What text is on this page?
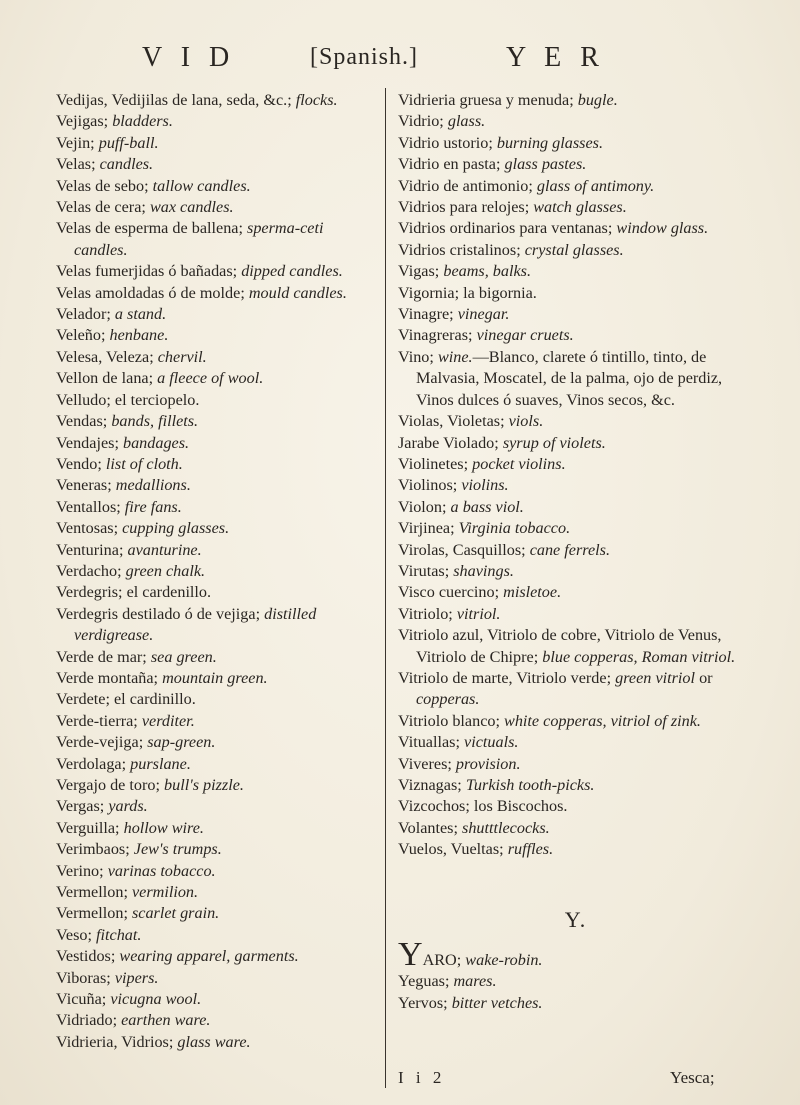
V I D	[Spanish.]	Y E R

Vedijas, Vedijilas de lana, seda, &c.; flocks.

Vejigas; bladders.

Vejin; puff-ball.

Velas; candles.

Velas de sebo; tallow candles.

Velas de cera; wax candles.

Velas de esperma de ballena; sperma-ceti candles.

Velas fumerjidas ó bañadas; dipped candles.

Velas amoldadas ó de molde; mould candles.

Velador; a stand.

Veleño; henbane.

Velesa, Veleza; chervil.

Vellon de lana; a fleece of wool.

Velludo; el terciopelo.

Vendas; bands, fillets.

Vendajes; bandages.

Vendo; list of cloth.

Veneras; medallions.

Ventallos; fire fans.

Ventosas; cupping glasses.

Venturina; avanturine.

Verdacho; green chalk.

Verdegris; el cardenillo.

Verdegris destilado ó de vejiga; distilled verdigrease.

Verde de mar; sea green.

Verde montaña; mountain green.

Verdete; el cardinillo.

Verde-tierra; verditer.

Verde-vejiga; sap-green.

Verdolaga; purslane.

Vergajo de toro; bull's pizzle.

Vergas; yards.

Verguilla; hollow wire.

Verimbaos; Jew's trumps.

Verino; varinas tobacco.

Vermellon; vermilion.

Vermellon; scarlet grain.

Veso; fitchat.

Vestidos; wearing apparel, garments.

Viboras; vipers.

Vicuña; vicugna wool.

Vidriado; earthen ware.

Vidrieria, Vidrios; glass ware.

Vidrieria gruesa y menuda; bugle.

Vidrio; glass.

Vidrio ustorio; burning glasses.

Vidrio en pasta; glass pastes.

Vidrio de antimonio; glass of antimony.

Vidrios para relojes; watch glasses.

Vidrios ordinarios para ventanas; window glass.

Vidrios cristalinos; crystal glasses.

Vigas; beams, balks.

Vigornia; la bigornia.

Vinagre; vinegar.

Vinagreras; vinegar cruets.

Vino; wine.—Blanco, clarete ó tintillo, tinto, de Malvasia, Moscatel, de la palma, ojo de perdiz, Vinos dulces ó suaves, Vinos secos, &c.

Violas, Violetas; viols.

Jarabe Violado; syrup of violets.

Violinetes; pocket violins.

Violinos; violins.

Violon; a bass viol.

Virjinea; Virginia tobacco.

Virolas, Casquillos; cane ferrels.

Virutas; shavings.

Visco cuercino; misletoe.

Vitriolo; vitriol.

Vitriolo azul, Vitriolo de cobre, Vitriolo de Venus, Vitriolo de Chipre; blue copperas, Roman vitriol.

Vitriolo de marte, Vitriolo verde; green vitriol or copperas.

Vitriolo blanco; white copperas, vitriol of zink.

Vituallas; victuals.

Viveres; provision.

Viznagas; Turkish tooth-picks.

Vizcochos; los Biscochos.

Volantes; shutttlecocks.

Vuelos, Vueltas; ruffles.

Y.

YARO; wake-robin.

Yeguas; mares.

Yervos; bitter vetches.

I i 2	Yesca;
